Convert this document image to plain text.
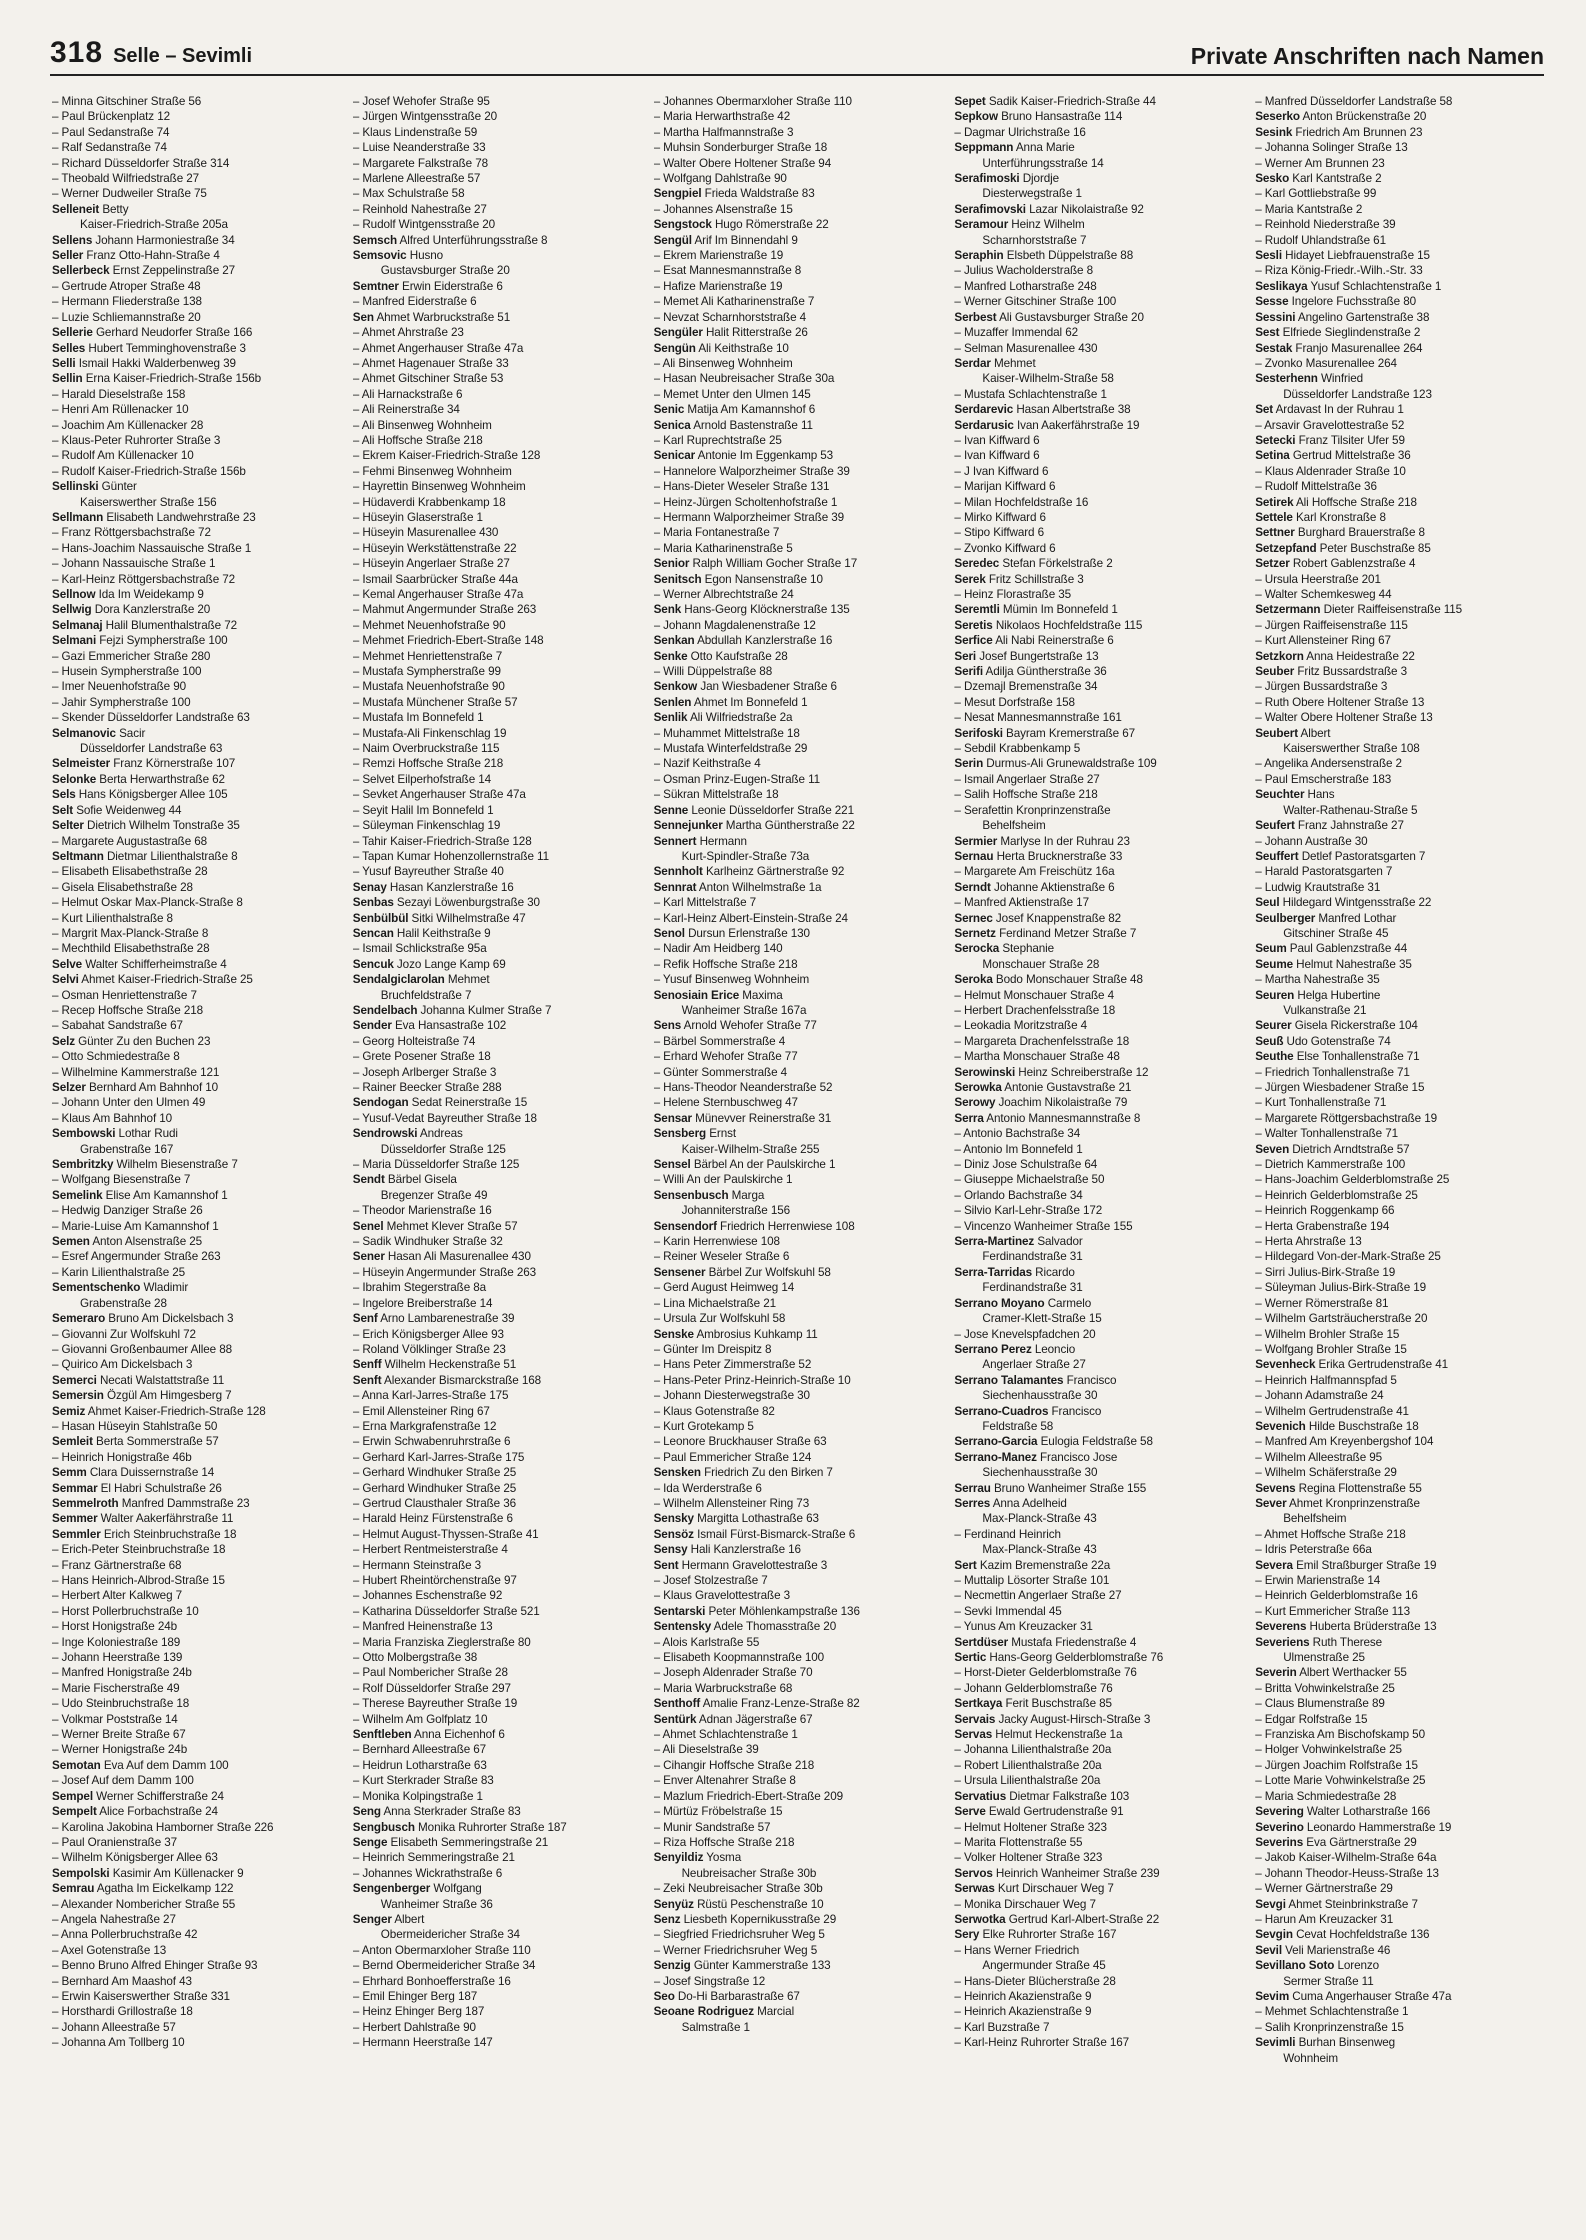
318 Selle – Sevimli	Private Anschriften nach Namen
– Minna Gitschiner Straße 56
– Paul Brückenplatz 12
– Paul Sedanstraße 74
– Ralf Sedanstraße 74
– Richard Düsseldorfer Straße 314
– Theobald Wilfriedstraße 27
– Werner Dudweiler Straße 75
Selleneit Betty
Kaiser-Friedrich-Straße 205a
Sellens Johann Harmoniestraße 34
Seller Franz Otto-Hahn-Straße 4
Sellerbeck Ernst Zeppelinstraße 27
– Gertrude Atroper Straße 48
– Hermann Fliederstraße 138
– Luzie Schliemannstraße 20
Sellerie Gerhard Neudorfer Straße 166
Selles Hubert Temminghovenstraße 3
Selli Ismail Hakki Walderbenweg 39
Sellin Erna Kaiser-Friedrich-Straße 156b
– Harald Dieselstraße 158
– Henri Am Rüllenacker 10
– Joachim Am Küllenacker 28
– Klaus-Peter Ruhrorter Straße 3
– Rudolf Am Küllenacker 10
– Rudolf Kaiser-Friedrich-Straße 156b
Sellinski Günter
Kaiserswerther Straße 156
Sellmann Elisabeth Landwehrstraße 23
– Franz Röttgersbachstraße 72
– Hans-Joachim Nassauische Straße 1
– Johann Nassauische Straße 1
– Karl-Heinz Röttgersbachstraße 72
Sellnow Ida Im Weidekamp 9
Sellwig Dora Kanzlerstraße 20
Selmanaj Halil Blumenthalstraße 72
Selmani Fejzi Sympherstraße 100
– Gazi Emmericher Straße 280
– Husein Sympherstraße 100
– Imer Neuenhofstraße 90
– Jahir Sympherstraße 100
– Skender Düsseldorfer Landstraße 63
Selmanovic Sacir
Düsseldorfer Landstraße 63
Selmeister Franz Körnerstraße 107
Selonke Berta Herwarthstraße 62
Sels Hans Königsberger Allee 105
Selt Sofie Weidenweg 44
Selter Dietrich Wilhelm Tonstraße 35
– Margarete Augustastraße 68
Seltmann Dietmar Lilienthalstraße 8
– Elisabeth Elisabethstraße 28
– Gisela Elisabethstraße 28
– Helmut Oskar Max-Planck-Straße 8
– Kurt Lilienthalstraße 8
– Margrit Max-Planck-Straße 8
– Mechthild Elisabethstraße 28
Selve Walter Schifferheimstraße 4
Selvi Ahmet Kaiser-Friedrich-Straße 25
– Osman Henriettenstraße 7
– Recep Hoffsche Straße 218
– Sabahat Sandstraße 67
Selz Günter Zu den Buchen 23
– Otto Schmiedestraße 8
– Wilhelmine Kammerstraße 121
Selzer Bernhard Am Bahnhof 10
– Johann Unter den Ulmen 49
– Klaus Am Bahnhof 10
Sembowski Lothar Rudi
Grabenstraße 167
Sembritzky Wilhelm Biesenstraße 7
– Wolfgang Biesenstraße 7
Semelink Elise Am Kamannshof 1
– Hedwig Danziger Straße 26
– Marie-Luise Am Kamannshof 1
Semen Anton Alsenstraße 25
– Esref Angermunder Straße 263
– Karin Lilienthalstraße 25
Sementschenko Wladimir
Grabenstraße 28
Semeraro Bruno Am Dickelsbach 3
– Giovanni Zur Wolfskuhl 72
– Giovanni Großenbaumer Allee 88
– Quirico Am Dickelsbach 3
Semerci Necati Walstattstraße 11
Semersin Özgül Am Himgesberg 7
Semiz Ahmet Kaiser-Friedrich-Straße 128
– Hasan Hüseyin Stahlstraße 50
Semleit Berta Sommerstraße 57
– Heinrich Honigstraße 46b
Semm Clara Duissernstraße 14
Semmar El Habri Schulstraße 26
Semmelroth Manfred Dammstraße 23
Semmer Walter Aakerfährstraße 11
Semmler Erich Steinbruchstraße 18
– Erich-Peter Steinbruchstraße 18
– Franz Gärtnerstraße 68
– Hans Heinrich-Albrod-Straße 15
– Herbert Alter Kalkweg 7
– Horst Pollerbruchstraße 10
– Horst Honigstraße 24b
– Inge Koloniestraße 189
– Johann Heerstraße 139
– Manfred Honigstraße 24b
– Marie Fischerstraße 49
– Udo Steinbruchstraße 18
– Volkmar Poststraße 14
– Werner Breite Straße 67
– Werner Honigstraße 24b
Semotan Eva Auf dem Damm 100
– Josef Auf dem Damm 100
Sempel Werner Schifferstraße 24
Sempelt Alice Forbachstraße 24
– Karolina Jakobina Hamborner Straße 226
– Paul Oranienstraße 37
– Wilhelm Königsberger Allee 63
Sempolski Kasimir Am Küllenacker 9
Semrau Agatha Im Eickelkamp 122
– Alexander Nombericher Straße 55
– Angela Nahestraße 27
– Anna Pollerbruchstraße 42
– Axel Gotenstraße 13
– Benno Bruno Alfred Ehinger Straße 93
– Bernhard Am Maashof 43
– Erwin Kaiserswerther Straße 331
– Horsthardi Grillostraße 18
– Johann Alleestraße 57
– Johanna Am Tollberg 10
– Josef Wehofer Straße 95
– Jürgen Wintgensstraße 20
– Klaus Lindenstraße 59
– Luise Neanderstraße 33
– Margarete Falkstraße 78
– Marlene Alleestraße 57
– Max Schulstraße 58
– Reinhold Nahestraße 27
– Rudolf Wintgensstraße 20
Semsch Alfred Unterführungsstraße 8
Semsovic Husno
Gustavsburger Straße 20
Semtner Erwin Eiderstraße 6
– Manfred Eiderstraße 6
Sen Ahmet Warbruckstraße 51
– Ahmet Ahrstraße 23
– Ahmet Angerhauser Straße 47a
– Ahmet Hagenauer Straße 33
– Ahmet Gitschiner Straße 53
– Ali Harnackstraße 6
– Ali Reinerstraße 34
– Ali Binsenweg Wohnheim
– Ali Hoffsche Straße 218
– Ekrem Kaiser-Friedrich-Straße 128
– Fehmi Binsenweg Wohnheim
– Hayrettin Binsenweg Wohnheim
– Hüdaverdi Krabbenkamp 18
– Hüseyin Glaserstraße 1
– Hüseyin Masurenallee 430
– Hüseyin Werkstättenstraße 22
– Hüseyin Angerlaer Straße 27
– Ismail Saarbrücker Straße 44a
– Kemal Angerhauser Straße 47a
– Mahmut Angermunder Straße 263
– Mehmet Neuenhofstraße 90
– Mehmet Friedrich-Ebert-Straße 148
– Mehmet Henriettenstraße 7
– Mustafa Sympherstraße 99
– Mustafa Neuenhofstraße 90
– Mustafa Münchener Straße 57
– Mustafa Im Bonnefeld 1
– Mustafa-Ali Finkenschlag 19
– Naim Overbruckstraße 115
– Remzi Hoffsche Straße 218
– Selvet Eilperhofstraße 14
– Sevket Angerhauser Straße 47a
– Seyit Halil Im Bonnefeld 1
– Süleyman Finkenschlag 19
– Tahir Kaiser-Friedrich-Straße 128
– Tapan Kumar Hohenzollernstraße 11
– Yusuf Bayreuther Straße 40
Senay Hasan Kanzlerstraße 16
Senbas Sezayi Löwenburgstraße 30
Senbülbül Sitki Wilhelmstraße 47
Sencan Halil Keithstraße 9
– Ismail Schlickstraße 95a
Sencuk Jozo Lange Kamp 69
Sendalgiclarolan Mehmet
Bruchfeldstraße 7
Sendelbach Johanna Kulmer Straße 7
Sender Eva Hansastraße 102
– Georg Holteistraße 74
– Grete Posener Straße 18
– Joseph Arlberger Straße 3
– Rainer Beecker Straße 288
Sendogan Sedat Reinerstraße 15
– Yusuf-Vedat Bayreuther Straße 18
Sendrowski Andreas
Düsseldorfer Straße 125
– Maria Düsseldorfer Straße 125
Sendt Bärbel Gisela
Bregenzer Straße 49
– Theodor Marienstraße 16
Senel Mehmet Klever Straße 57
– Sadik Windhuker Straße 32
Sener Hasan Ali Masurenallee 430
– Hüseyin Angermunder Straße 263
– Ibrahim Stegerstraße 8a
– Ingelore Breiberstraße 14
Senf Arno Lambarenestraße 39
– Erich Königsberger Allee 93
– Roland Völklinger Straße 23
Senff Wilhelm Heckenstraße 51
Senft Alexander Bismarckstraße 168
– Anna Karl-Jarres-Straße 175
– Emil Allensteiner Ring 67
– Erna Markgrafenstraße 12
– Erwin Schwabenruhrstraße 6
– Gerhard Karl-Jarres-Straße 175
– Gerhard Windhuker Straße 25
– Gerhard Windhuker Straße 25
– Gertrud Clausthaler Straße 36
– Harald Heinz Fürstenstraße 6
– Helmut August-Thyssen-Straße 41
– Herbert Rentmeisterstraße 4
– Hermann Steinstraße 3
– Hubert Rheintörchenstraße 97
– Johannes Eschenstraße 92
– Katharina Düsseldorfer Straße 521
– Manfred Heinenstraße 13
– Maria Franziska Zieglerstraße 80
– Otto Molbergstraße 38
– Paul Nombericher Straße 28
– Rolf Düsseldorfer Straße 297
– Therese Bayreuther Straße 19
– Wilhelm Am Golfplatz 10
Senftleben Anna Eichenhof 6
– Bernhard Alleestraße 67
– Heidrun Lotharstraße 63
– Kurt Sterkrader Straße 83
– Monika Kolpingstraße 1
Seng Anna Sterkrader Straße 83
Sengbusch Monika Ruhrorter Straße 187
Senge Elisabeth Semmeringstraße 21
– Heinrich Semmeringstraße 21
– Johannes Wickrathstraße 6
Sengenberger Wolfgang
Wanheimer Straße 36
Senger Albert
Obermeidericher Straße 34
– Anton Obermarxloher Straße 110
– Bernd Obermeidericher Straße 34
– Ehrhard Bonhoefferstraße 16
– Emil Ehinger Berg 187
– Heinz Ehinger Berg 187
– Herbert Dahlstraße 90
– Hermann Heerstraße 147
– Johannes Obermarxloher Straße 110
– Maria Herwarthstraße 42
– Martha Halfmannstraße 3
– Muhsin Sonderburger Straße 18
– Walter Obere Holtener Straße 94
– Wolfgang Dahlstraße 90
Sengpiel Frieda Waldstraße 83
– Johannes Alsenstraße 15
Sengstock Hugo Römerstraße 22
Sengül Arif Im Binnendahl 9
– Ekrem Marienstraße 19
– Esat Mannesmannstraße 8
– Hafize Marienstraße 19
– Memet Ali Katharinenstraße 7
– Nevzat Scharnhorststraße 4
Sengüler Halit Ritterstraße 26
Sengün Ali Keithstraße 10
– Ali Binsenweg Wohnheim
– Hasan Neubreisacher Straße 30a
– Memet Unter den Ulmen 145
Senic Matija Am Kamannshof 6
Senica Arnold Bastenstraße 11
– Karl Ruprechtstraße 25
Senicar Antonie Im Eggenkamp 53
– Hannelore Walporzheimer Straße 39
– Hans-Dieter Weseler Straße 131
– Heinz-Jürgen Scholtenhofstraße 1
– Hermann Walporzheimer Straße 39
– Maria Fontanestraße 7
– Maria Katharinenstraße 5
Senior Ralph William Gocher Straße 17
Senitsch Egon Nansenstraße 10
– Werner Albrechtstraße 24
Senk Hans-Georg Klöcknerstraße 135
– Johann Magdalenenstraße 12
Senkan Abdullah Kanzlerstraße 16
Senke Otto Kaufstraße 28
– Willi Düppelstraße 88
Senkow Jan Wiesbadener Straße 6
Senlen Ahmet Im Bonnefeld 1
Senlik Ali Wilfriedstraße 2a
– Muhammet Mittelstraße 18
– Mustafa Winterfeldstraße 29
– Nazif Keithstraße 4
– Osman Prinz-Eugen-Straße 11
– Sükran Mittelstraße 18
Senne Leonie Düsseldorfer Straße 221
Sennejunker Martha Güntherstraße 22
Sennert Hermann
Kurt-Spindler-Straße 73a
Sennholt Karlheinz Gärtnerstraße 92
Sennrat Anton Wilhelmstraße 1a
– Karl Mittelstraße 7
– Karl-Heinz Albert-Einstein-Straße 24
Senol Dursun Erlenstraße 130
– Nadir Am Heidberg 140
– Refik Hoffsche Straße 218
– Yusuf Binsenweg Wohnheim
Senosiain Erice Maxima
Wanheimer Straße 167a
Sens Arnold Wehofer Straße 77
– Bärbel Sommerstraße 4
– Erhard Wehofer Straße 77
– Günter Sommerstraße 4
– Hans-Theodor Neanderstraße 52
– Helene Sternbuschweg 47
Sensar Münevver Reinerstraße 31
Sensberg Ernst
Kaiser-Wilhelm-Straße 255
Sensel Bärbel An der Paulskirche 1
– Willi An der Paulskirche 1
Sensenbusch Marga
Johanniterstraße 156
Sensendorf Friedrich Herrenwiese 108
– Karin Herrenwiese 108
– Reiner Weseler Straße 6
Sensener Bärbel Zur Wolfskuhl 58
– Gerd August Heimweg 14
– Lina Michaelstraße 21
– Ursula Zur Wolfskuhl 58
Senske Ambrosius Kuhkamp 11
– Günter Im Dreispitz 8
– Hans Peter Zimmerstraße 52
– Hans-Peter Prinz-Heinrich-Straße 10
– Johann Diesterwegstraße 30
– Klaus Gotenstraße 82
– Kurt Grotekamp 5
– Leonore Bruckhauser Straße 63
– Paul Emmericher Straße 124
Sensken Friedrich Zu den Birken 7
– Ida Werderstraße 6
– Wilhelm Allensteiner Ring 73
Sensky Margitta Lothastraße 63
Sensöz Ismail Fürst-Bismarck-Straße 6
Sensy Hali Kanzlerstraße 16
Sent Hermann Gravelottestraße 3
– Josef Stolzestraße 7
– Klaus Gravelottestraße 3
Sentarski Peter Möhlenkampstraße 136
Sentensky Adele Thomasstraße 20
– Alois Karlstraße 55
– Elisabeth Koopmannstraße 100
– Joseph Aldenrader Straße 70
– Maria Warbruckstraße 68
Senthoff Amalie Franz-Lenze-Straße 82
Sentürk Adnan Jägerstraße 67
– Ahmet Schlachtenstraße 1
– Ali Dieselstraße 39
– Cihangir Hoffsche Straße 218
– Enver Altenahrer Straße 8
– Mazlum Friedrich-Ebert-Straße 209
– Mürtüz Fröbelstraße 15
– Munir Sandstraße 57
– Riza Hoffsche Straße 218
Senyildiz Yosma
Neubreisacher Straße 30b
– Zeki Neubreisacher Straße 30b
Senyüz Rüstü Peschenstraße 10
Senz Liesbeth Kopernikusstraße 29
– Siegfried Friedrichsruher Weg 5
– Werner Friedrichsruher Weg 5
Senzig Günter Kammerstraße 133
– Josef Singstraße 12
Seo Do-Hi Barbarastraße 67
Seoane Rodriguez Marcial
Salmstraße 1
Sepet Sadik Kaiser-Friedrich-Straße 44
Sepkow Bruno Hansastraße 114
– Dagmar Ulrichstraße 16
Seppmann Anna Marie
Unterführungsstraße 14
Serafimoski Djordje
Diesterwegstraße 1
Serafimovski Lazar Nikolaistraße 92
Seramour Heinz Wilhelm
Scharnhorststraße 7
Seraphin Elsbeth Düppelstraße 88
– Julius Wacholderstraße 8
– Manfred Lotharstraße 248
– Werner Gitschiner Straße 100
Serbest Ali Gustavsburger Straße 20
– Muzaffer Immendal 62
– Selman Masurenallee 430
Serdar Mehmet
Kaiser-Wilhelm-Straße 58
– Mustafa Schlachtenstraße 1
Serdarevic Hasan Albertstraße 38
Serdarusic Ivan Aakerfährstraße 19
– Ivan Kiffward 6
– Ivan Kiffward 6
– J Ivan Kiffward 6
– Marijan Kiffward 6
– Milan Hochfeldstraße 16
– Mirko Kiffward 6
– Stipo Kiffward 6
– Zvonko Kiffward 6
Seredec Stefan Förkelstraße 2
Serek Fritz Schillstraße 3
– Heinz Florastraße 35
Seremtli Mümin Im Bonnefeld 1
Seretis Nikolaos Hochfeldstraße 115
Serfice Ali Nabi Reinerstraße 6
Seri Josef Bungertstraße 13
Serifi Adilja Güntherstraße 36
– Dzemajl Bremenstraße 34
– Mesut Dorfstraße 158
– Nesat Mannesmannstraße 161
Serifoski Bayram Kremerstraße 67
– Sebdil Krabbenkamp 5
Serin Durmus-Ali Grunewaldstraße 109
– Ismail Angerlaer Straße 27
– Salih Hoffsche Straße 218
– Serafettin Kronprinzenstraße
Behelfsheim
Sermier Marlyse In der Ruhrau 23
Sernau Herta Brucknerstraße 33
– Margarete Am Freischütz 16a
Serndt Johanne Aktienstraße 6
– Manfred Aktienstraße 17
Sernec Josef Knappenstraße 82
Sernetz Ferdinand Metzer Straße 7
Serocka Stephanie
Monschauer Straße 28
Seroka Bodo Monschauer Straße 48
– Helmut Monschauer Straße 4
– Herbert Drachenfelsstraße 18
– Leokadia Moritzstraße 4
– Margareta Drachenfelsstraße 18
– Martha Monschauer Straße 48
Serowinski Heinz Schreiberstraße 12
Serowka Antonie Gustavstraße 21
Serowy Joachim Nikolaistraße 79
Serra Antonio Mannesmannstraße 8
– Antonio Bachstraße 34
– Antonio Im Bonnefeld 1
– Diniz Jose Schulstraße 64
– Giuseppe Michaelstraße 50
– Orlando Bachstraße 34
– Silvio Karl-Lehr-Straße 172
– Vincenzo Wanheimer Straße 155
Serra-Martinez Salvador
Ferdinandstraße 31
Serra-Tarridas Ricardo
Ferdinandstraße 31
Serrano Moyano Carmelo
Cramer-Klett-Straße 15
– Jose Knevelspfadchen 20
Serrano Perez Leoncio
Angerlaer Straße 27
Serrano Talamantes Francisco
Siechenhausstraße 30
Serrano-Cuadros Francisco
Feldstraße 58
Serrano-Garcia Eulogia Feldstraße 58
Serrano-Manez Francisco Jose
Siechenhausstraße 30
Serrau Bruno Wanheimer Straße 155
Serres Anna Adelheid
Max-Planck-Straße 43
– Ferdinand Heinrich
Max-Planck-Straße 43
Sert Kazim Bremenstraße 22a
– Muttalip Lösorter Straße 101
– Necmettin Angerlaer Straße 27
– Sevki Immendal 45
– Yunus Am Kreuzacker 31
Sertdüser Mustafa Friedenstraße 4
Sertic Hans-Georg Gelderblomstraße 76
– Horst-Dieter Gelderblomstraße 76
– Johann Gelderblomstraße 76
Sertkaya Ferit Buschstraße 85
Servais Jacky August-Hirsch-Straße 3
Servas Helmut Heckenstraße 1a
– Johanna Lilienthalstraße 20a
– Robert Lilienthalstraße 20a
– Ursula Lilienthalstraße 20a
Servatius Dietmar Falkstraße 103
Serve Ewald Gertrudenstraße 91
– Helmut Holtener Straße 323
– Marita Flottenstraße 55
– Volker Holtener Straße 323
Servos Heinrich Wanheimer Straße 239
Serwas Kurt Dirschauer Weg 7
– Monika Dirschauer Weg 7
Serwotka Gertrud Karl-Albert-Straße 22
Sery Elke Ruhrorter Straße 167
– Hans Werner Friedrich
Angermunder Straße 45
– Hans-Dieter Blücherstraße 28
– Heinrich Akazienstraße 9
– Heinrich Akazienstraße 9
– Karl Buzstraße 7
– Karl-Heinz Ruhrorter Straße 167
– Manfred Düsseldorfer Landstraße 58
Seserko Anton Brückenstraße 20
Sesink Friedrich Am Brunnen 23
– Johanna Solinger Straße 13
– Werner Am Brunnen 23
Sesko Karl Kantstraße 2
– Karl Gottliebstraße 99
– Maria Kantstraße 2
– Reinhold Niederstraße 39
– Rudolf Uhlandstraße 61
Sesli Hidayet Liebfrauenstraße 15
– Riza König-Friedr.-Wilh.-Str. 33
Seslikaya Yusuf Schlachtenstraße 1
Sesse Ingelore Fuchsstraße 80
Sessini Angelino Gartenstraße 38
Sest Elfriede Sieglindenstraße 2
Sestak Franjo Masurenallee 264
– Zvonko Masurenallee 264
Sesterhenn Winfried
Düsseldorfer Landstraße 123
Set Ardavast In der Ruhrau 1
– Arsavir Gravelottestraße 52
Setecki Franz Tilsiter Ufer 59
Setina Gertrud Mittelstraße 36
– Klaus Aldenrader Straße 10
– Rudolf Mittelstraße 36
Setirek Ali Hoffsche Straße 218
Settele Karl Kronstraße 8
Settner Burghard Brauerstraße 8
Setzepfand Peter Buschstraße 85
Setzer Robert Gablenzstraße 4
– Ursula Heerstraße 201
– Walter Schemkesweg 44
Setzermann Dieter Raiffeisenstraße 115
– Jürgen Raiffeisenstraße 115
– Kurt Allensteiner Ring 67
Setzkorn Anna Heidestraße 22
Seuber Fritz Bussardstraße 3
– Jürgen Bussardstraße 3
– Ruth Obere Holtener Straße 13
– Walter Obere Holtener Straße 13
Seubert Albert
Kaiserswerther Straße 108
– Angelika Andersenstraße 2
– Paul Emscherstraße 183
Seuchter Hans
Walter-Rathenau-Straße 5
Seufert Franz Jahnstraße 27
– Johann Austraße 30
Seuffert Detlef Pastoratsgarten 7
– Harald Pastoratsgarten 7
– Ludwig Krautstraße 31
Seul Hildegard Wintgensstraße 22
Seulberger Manfred Lothar
Gitschiner Straße 45
Seum Paul Gablenzstraße 44
Seume Helmut Nahestraße 35
– Martha Nahestraße 35
Seuren Helga Hubertine
Vulkanstraße 21
Seurer Gisela Rickerstraße 104
Seuß Udo Gotenstraße 74
Seuthe Else Tonhallenstraße 71
– Friedrich Tonhallenstraße 71
– Jürgen Wiesbadener Straße 15
– Kurt Tonhallenstraße 71
– Margarete Röttgersbachstraße 19
– Walter Tonhallenstraße 71
Seven Dietrich Arndtstraße 57
– Dietrich Kammerstraße 100
– Hans-Joachim Gelderblomstraße 25
– Heinrich Gelderblomstraße 25
– Heinrich Roggenkamp 66
– Herta Grabenstraße 194
– Herta Ahrstraße 13
– Hildegard Von-der-Mark-Straße 25
– Sirri Julius-Birk-Straße 19
– Süleyman Julius-Birk-Straße 19
– Werner Römerstraße 81
– Wilhelm Gartsträucherstraße 20
– Wilhelm Brohler Straße 15
– Wolfgang Brohler Straße 15
Sevenheck Erika Gertrudenstraße 41
– Heinrich Halfmannspfad 5
– Johann Adamstraße 24
– Wilhelm Gertrudenstraße 41
Sevenich Hilde Buschstraße 18
– Manfred Am Kreyenbergshof 104
– Wilhelm Alleestraße 95
– Wilhelm Schäferstraße 29
Sevens Regina Flottenstraße 55
Sever Ahmet Kronprinzenstraße
Behelfsheim
– Ahmet Hoffsche Straße 218
– Idris Peterstraße 66a
Severa Emil Straßburger Straße 19
– Erwin Marienstraße 14
– Heinrich Gelderblomstraße 16
– Kurt Emmericher Straße 113
Severens Huberta Brüderstraße 13
Severiens Ruth Therese
Ulmenstraße 25
Severin Albert Werthacker 55
– Britta Vohwinkelstraße 25
– Claus Blumenstraße 89
– Edgar Rolfstraße 15
– Franziska Am Bischofskamp 50
– Holger Vohwinkelstraße 25
– Jürgen Joachim Rolfstraße 15
– Lotte Marie Vohwinkelstraße 25
– Maria Schmiedestraße 28
Severing Walter Lotharstraße 166
Severino Leonardo Hammerstraße 19
Severins Eva Gärtnerstraße 29
– Jakob Kaiser-Wilhelm-Straße 64a
– Johann Theodor-Heuss-Straße 13
– Werner Gärtnerstraße 29
Sevgi Ahmet Steinbrinkstraße 7
– Harun Am Kreuzacker 31
Sevgin Cevat Hochfeldstraße 136
Sevil Veli Marienstraße 46
Sevillano Soto Lorenzo
Sermer Straße 11
Sevim Cuma Angerhauser Straße 47a
– Mehmet Schlachtenstraße 1
– Salih Kronprinzenstraße 15
Sevimli Burhan Binsenweg
Wohnheim
